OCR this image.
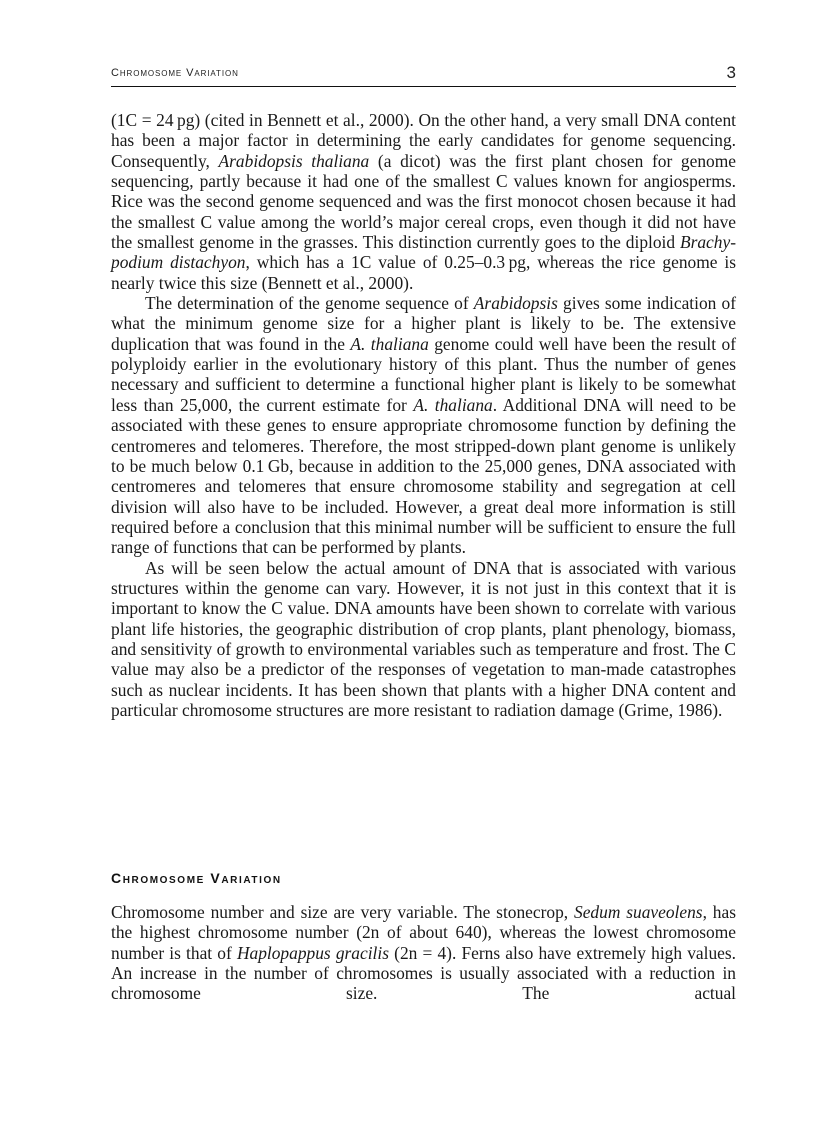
Chromosome Variation	3

(1C = 24 pg) (cited in Bennett et al., 2000). On the other hand, a very small DNA content has been a major factor in determining the early candidates for genome sequencing. Consequently, Arabidopsis thaliana (a dicot) was the first plant chosen for genome sequencing, partly because it had one of the smallest C values known for angiosperms. Rice was the second genome sequenced and was the first monocot chosen because it had the smallest C value among the world’s major cereal crops, even though it did not have the smallest genome in the grasses. This distinction currently goes to the diploid Brachypodium distachyon, which has a 1C value of 0.25–0.3 pg, whereas the rice genome is nearly twice this size (Bennett et al., 2000).

The determination of the genome sequence of Arabidopsis gives some indication of what the minimum genome size for a higher plant is likely to be. The extensive duplication that was found in the A. thaliana genome could well have been the result of polyploidy earlier in the evolutionary history of this plant. Thus the number of genes necessary and sufficient to determine a functional higher plant is likely to be somewhat less than 25,000, the current estimate for A. thaliana. Additional DNA will need to be associated with these genes to ensure appropriate chromosome function by defining the centromeres and telomeres. Therefore, the most stripped-down plant genome is unlikely to be much below 0.1 Gb, because in addition to the 25,000 genes, DNA associated with centromeres and telomeres that ensure chromosome stability and segregation at cell division will also have to be included. However, a great deal more information is still required before a conclusion that this minimal number will be sufficient to ensure the full range of functions that can be performed by plants.

As will be seen below the actual amount of DNA that is associated with various structures within the genome can vary. However, it is not just in this context that it is important to know the C value. DNA amounts have been shown to correlate with various plant life histories, the geographic distribution of crop plants, plant phenology, biomass, and sensitivity of growth to environmental variables such as temperature and frost. The C value may also be a predictor of the responses of vegetation to man-made catastrophes such as nuclear incidents. It has been shown that plants with a higher DNA content and particular chromosome structures are more resistant to radiation damage (Grime, 1986).

Chromosome Variation

Chromosome number and size are very variable. The stonecrop, Sedum suaveolens, has the highest chromosome number (2n of about 640), whereas the lowest chromosome number is that of Haplopappus gracilis (2n = 4). Ferns also have extremely high values. An increase in the number of chromosomes is usually associated with a reduction in chromosome size. The actual
